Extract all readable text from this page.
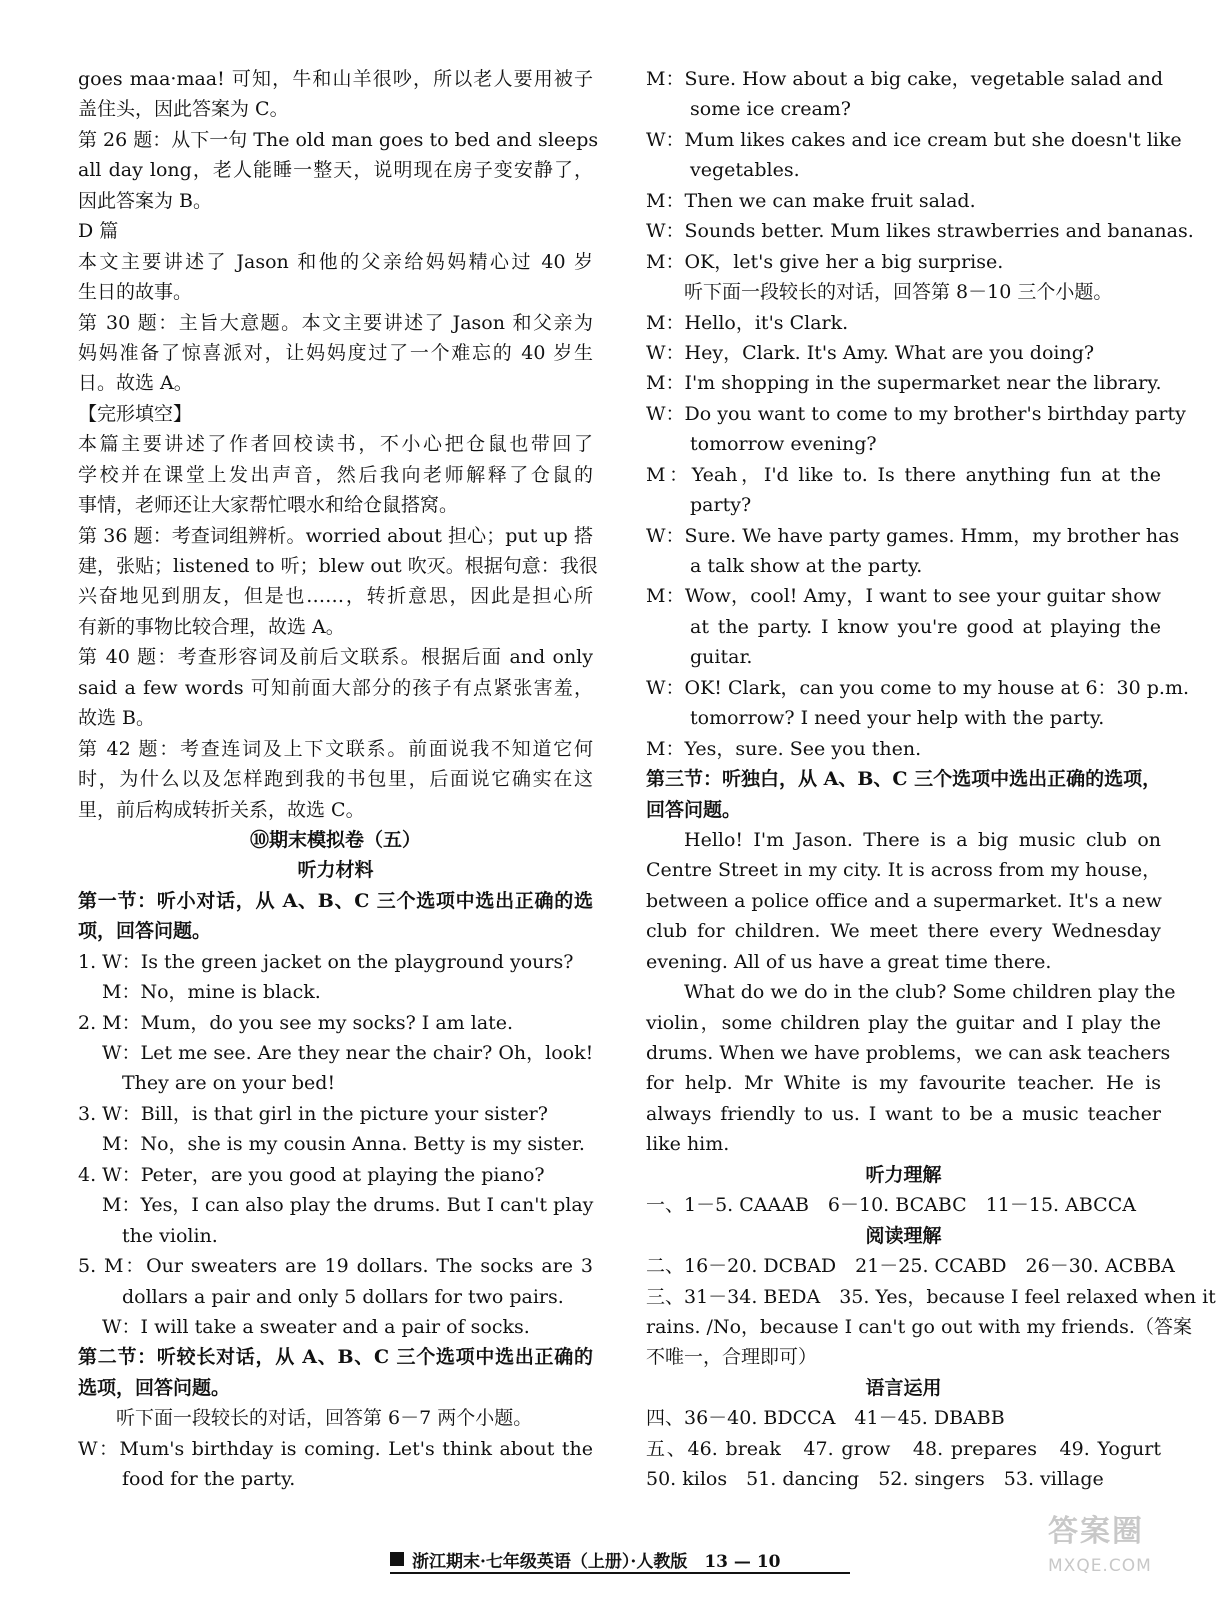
goes maa·maa! 可知，牛和山羊很吵，所以老人要用被子
盖住头，因此答案为 C。
第 26 题：从下一句 The old man goes to bed and sleeps
all day long，老人能睡一整天，说明现在房子变安静了，
因此答案为 B。
D 篇
本文主要讲述了 Jason 和他的父亲给妈妈精心过 40 岁
生日的故事。
第 30 题：主旨大意题。本文主要讲述了 Jason 和父亲为
妈妈准备了惊喜派对，让妈妈度过了一个难忘的 40 岁生
日。故选 A。
【完形填空】
本篇主要讲述了作者回校读书，不小心把仓鼠也带回了
学校并在课堂上发出声音，然后我向老师解释了仓鼠的
事情，老师还让大家帮忙喂水和给仓鼠搭窝。
第 36 题：考查词组辨析。worried about 担心；put up 搭
建，张贴；listened to 听；blew out 吹灭。根据句意：我很
兴奋地见到朋友，但是也……，转折意思，因此是担心所
有新的事物比较合理，故选 A。
第 40 题：考查形容词及前后文联系。根据后面 and only
said a few words 可知前面大部分的孩子有点紧张害羞，
故选 B。
第 42 题：考查连词及上下文联系。前面说我不知道它何
时，为什么以及怎样跑到我的书包里，后面说它确实在这
里，前后构成转折关系，故选 C。
⑩期末模拟卷（五）
听力材料
第一节：听小对话，从 A、B、C 三个选项中选出正确的选
项，回答问题。
1. W：Is the green jacket on the playground yours?
M：No，mine is black.
2. M：Mum，do you see my socks? I am late.
W：Let me see. Are they near the chair? Oh，look!
They are on your bed!
3. W：Bill，is that girl in the picture your sister?
M：No，she is my cousin Anna. Betty is my sister.
4. W：Peter，are you good at playing the piano?
M：Yes，I can also play the drums. But I can't play
the violin.
5. M：Our sweaters are 19 dollars. The socks are 3
dollars a pair and only 5 dollars for two pairs.
W：I will take a sweater and a pair of socks.
第二节：听较长对话，从 A、B、C 三个选项中选出正确的
选项，回答问题。
听下面一段较长的对话，回答第 6－7 两个小题。
W：Mum's birthday is coming. Let's think about the
food for the party.
M：Sure. How about a big cake，vegetable salad and
some ice cream?
W：Mum likes cakes and ice cream but she doesn't like
vegetables.
M：Then we can make fruit salad.
W：Sounds better. Mum likes strawberries and bananas.
M：OK，let's give her a big surprise.
听下面一段较长的对话，回答第 8－10 三个小题。
M：Hello，it's Clark.
W：Hey，Clark. It's Amy. What are you doing?
M：I'm shopping in the supermarket near the library.
W：Do you want to come to my brother's birthday party
tomorrow evening?
M：Yeah，I'd like to. Is there anything fun at the
party?
W：Sure. We have party games. Hmm，my brother has
a talk show at the party.
M：Wow，cool! Amy，I want to see your guitar show
at the party. I know you're good at playing the
guitar.
W：OK! Clark，can you come to my house at 6：30 p.m.
tomorrow? I need your help with the party.
M：Yes，sure. See you then.
第三节：听独白，从 A、B、C 三个选项中选出正确的选项，
回答问题。
Hello! I'm Jason. There is a big music club on
Centre Street in my city. It is across from my house，
between a police office and a supermarket. It's a new
club for children. We meet there every Wednesday
evening. All of us have a great time there.
What do we do in the club? Some children play the
violin，some children play the guitar and I play the
drums. When we have problems，we can ask teachers
for help. Mr White is my favourite teacher. He is
always friendly to us. I want to be a music teacher
like him.
听力理解
一、1－5. CAAAB　6－10. BCABC　11－15. ABCCA
阅读理解
二、16－20. DCBAD　21－25. CCABD　26－30. ACBBA
三、31－34. BEDA　35. Yes，because I feel relaxed when it
rains. /No，because I can't go out with my friends.（答案
不唯一，合理即可）
语言运用
四、36－40. BDCCA　41－45. DBABB
五、46. break　47. grow　48. prepares　49. Yogurt
50. kilos　51. dancing　52. singers　53. village
浙江期末·七年级英语（上册）·人教版　13 — 10
答案圈
MXQE.COM
